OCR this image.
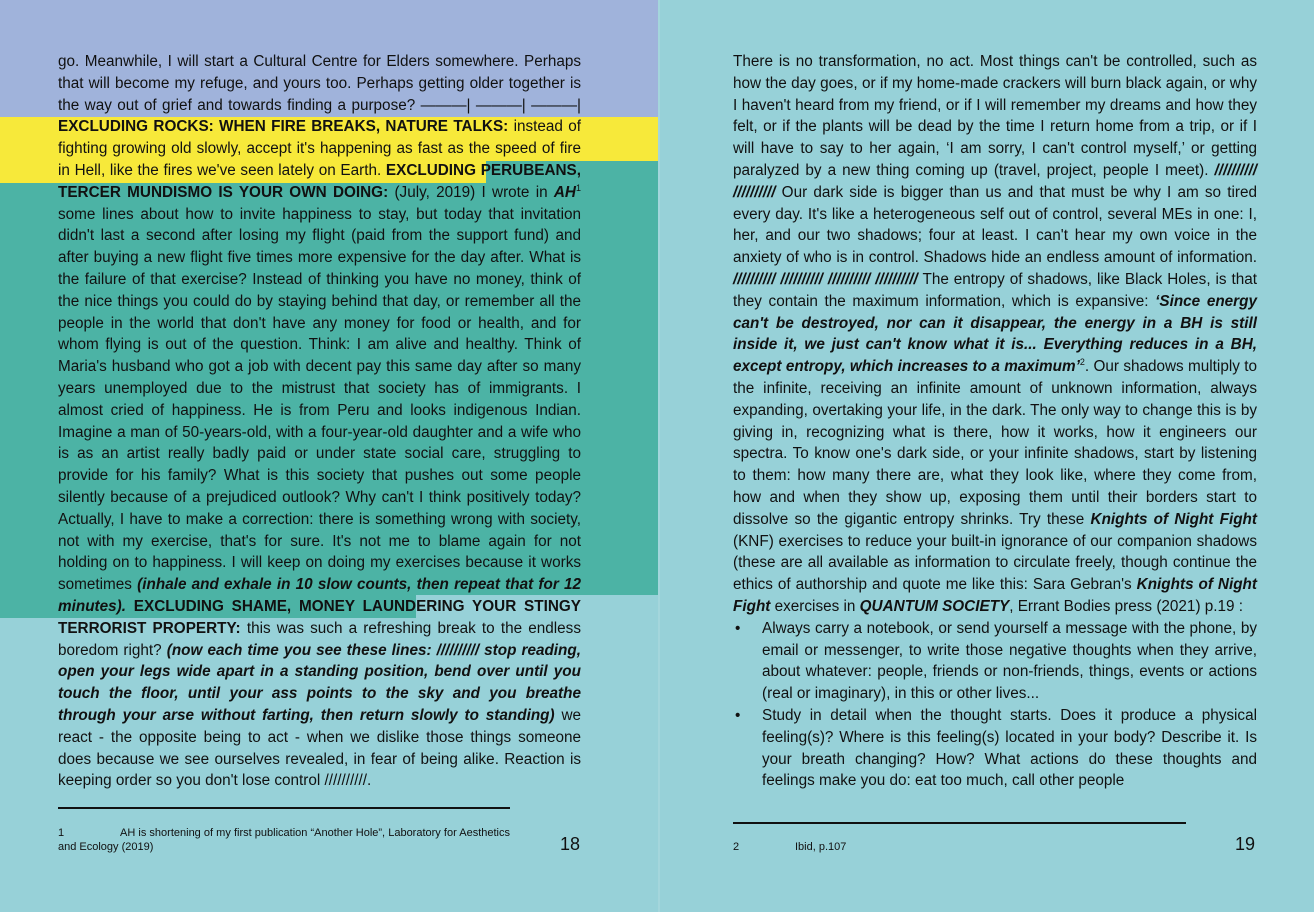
go. Meanwhile, I will start a Cultural Centre for Elders somewhere. Perhaps that will become my refuge, and yours too. Perhaps getting older together is the way out of grief and towards finding a purpose? ———| ———| ———| EXCLUDING ROCKS: WHEN FIRE BREAKS, NATURE TALKS: instead of fighting growing old slowly, accept it's happening as fast as the speed of fire in Hell, like the fires we've seen lately on Earth. EXCLUDING PERUBEANS, TERCER MUNDISMO IS YOUR OWN DOING: (July, 2019) I wrote in $AH^1$ some lines about how to invite happiness to stay, but today that invitation didn't last a second after losing my flight (paid from the support fund) and after buying a new flight five times more expensive for the day after. What is the failure of that exercise? Instead of thinking you have no money, think of the nice things you could do by staying behind that day, or remember all the people in the world that don't have any money for food or health, and for whom flying is out of the question. Think: I am alive and healthy. Think of Maria's husband who got a job with decent pay this same day after so many years unemployed due to the mistrust that society has of immigrants. I almost cried of happiness. He is from Peru and looks indigenous Indian. Imagine a man of 50-years-old, with a four-year-old daughter and a wife who is as an artist really badly paid or under state social care, struggling to provide for his family? What is this society that pushes out some people silently because of a prejudiced outlook? Why can't I think positively today? Actually, I have to make a correction: there is something wrong with society, not with my exercise, that's for sure. It's not me to blame again for not holding on to happiness. I will keep on doing my exercises because it works sometimes (inhale and exhale in 10 slow counts, then repeat that for 12 minutes). EXCLUDING SHAME, MONEY LAUNDERING YOUR STINGY TERRORIST PROPERTY: this was such a refreshing break to the endless boredom right? (now each time you see these lines: ////////// stop reading, open your legs wide apart in a standing position, bend over until you touch the floor, until your ass points to the sky and you breathe through your arse without farting, then return slowly to standing) we react - the opposite being to act - when we dislike those things someone does because we see ourselves revealed, in fear of being alike. Reaction is keeping order so you don't lose control //////////.
1	AH is shortening of my first publication “Another Hole”, Laboratory for Aesthetics and Ecology (2019)	18
There is no transformation, no act. Most things can't be controlled, such as how the day goes, or if my home-made crackers will burn black again, or why I haven't heard from my friend, or if I will remember my dreams and how they felt, or if the plants will be dead by the time I return home from a trip, or if I will have to say to her again, ‘I am sorry, I can't control myself,’ or getting paralyzed by a new thing coming up (travel, project, people I meet). ////////// ////////// Our dark side is bigger than us and that must be why I am so tired every day. It's like a heterogeneous self out of control, several MEs in one: I, her, and our two shadows; four at least. I can't hear my own voice in the anxiety of who is in control. Shadows hide an endless amount of information. ////////// ////////// ////////// ////////// The entropy of shadows, like Black Holes, is that they contain the maximum information, which is expansive: ‘Since energy can't be destroyed, nor can it disappear, the energy in a BH is still inside it, we just can't know what it is... Everything reduces in a BH, except entropy, which increases to a maximum’$^2$. Our shadows multiply to the infinite, receiving an infinite amount of unknown information, always expanding, overtaking your life, in the dark. The only way to change this is by giving in, recognizing what is there, how it works, how it engineers our spectra. To know one's dark side, or your infinite shadows, start by listening to them: how many there are, what they look like, where they come from, how and when they show up, exposing them until their borders start to dissolve so the gigantic entropy shrinks. Try these Knights of Night Fight (KNF) exercises to reduce your built-in ignorance of our companion shadows (these are all available as information to circulate freely, though continue the ethics of authorship and quote me like this: Sara Gebran's Knights of Night Fight exercises in QUANTUM SOCIETY, Errant Bodies press (2021) p.19 :
• Always carry a notebook, or send yourself a message with the phone, by email or messenger, to write those negative thoughts when they arrive, about whatever: people, friends or non-friends, things, events or actions (real or imaginary), in this or other lives...
• Study in detail when the thought starts. Does it produce a physical feeling(s)? Where is this feeling(s) located in your body? Describe it. Is your breath changing? How? What actions do these thoughts and feelings make you do: eat too much, call other people
2	Ibid, p.107	19
